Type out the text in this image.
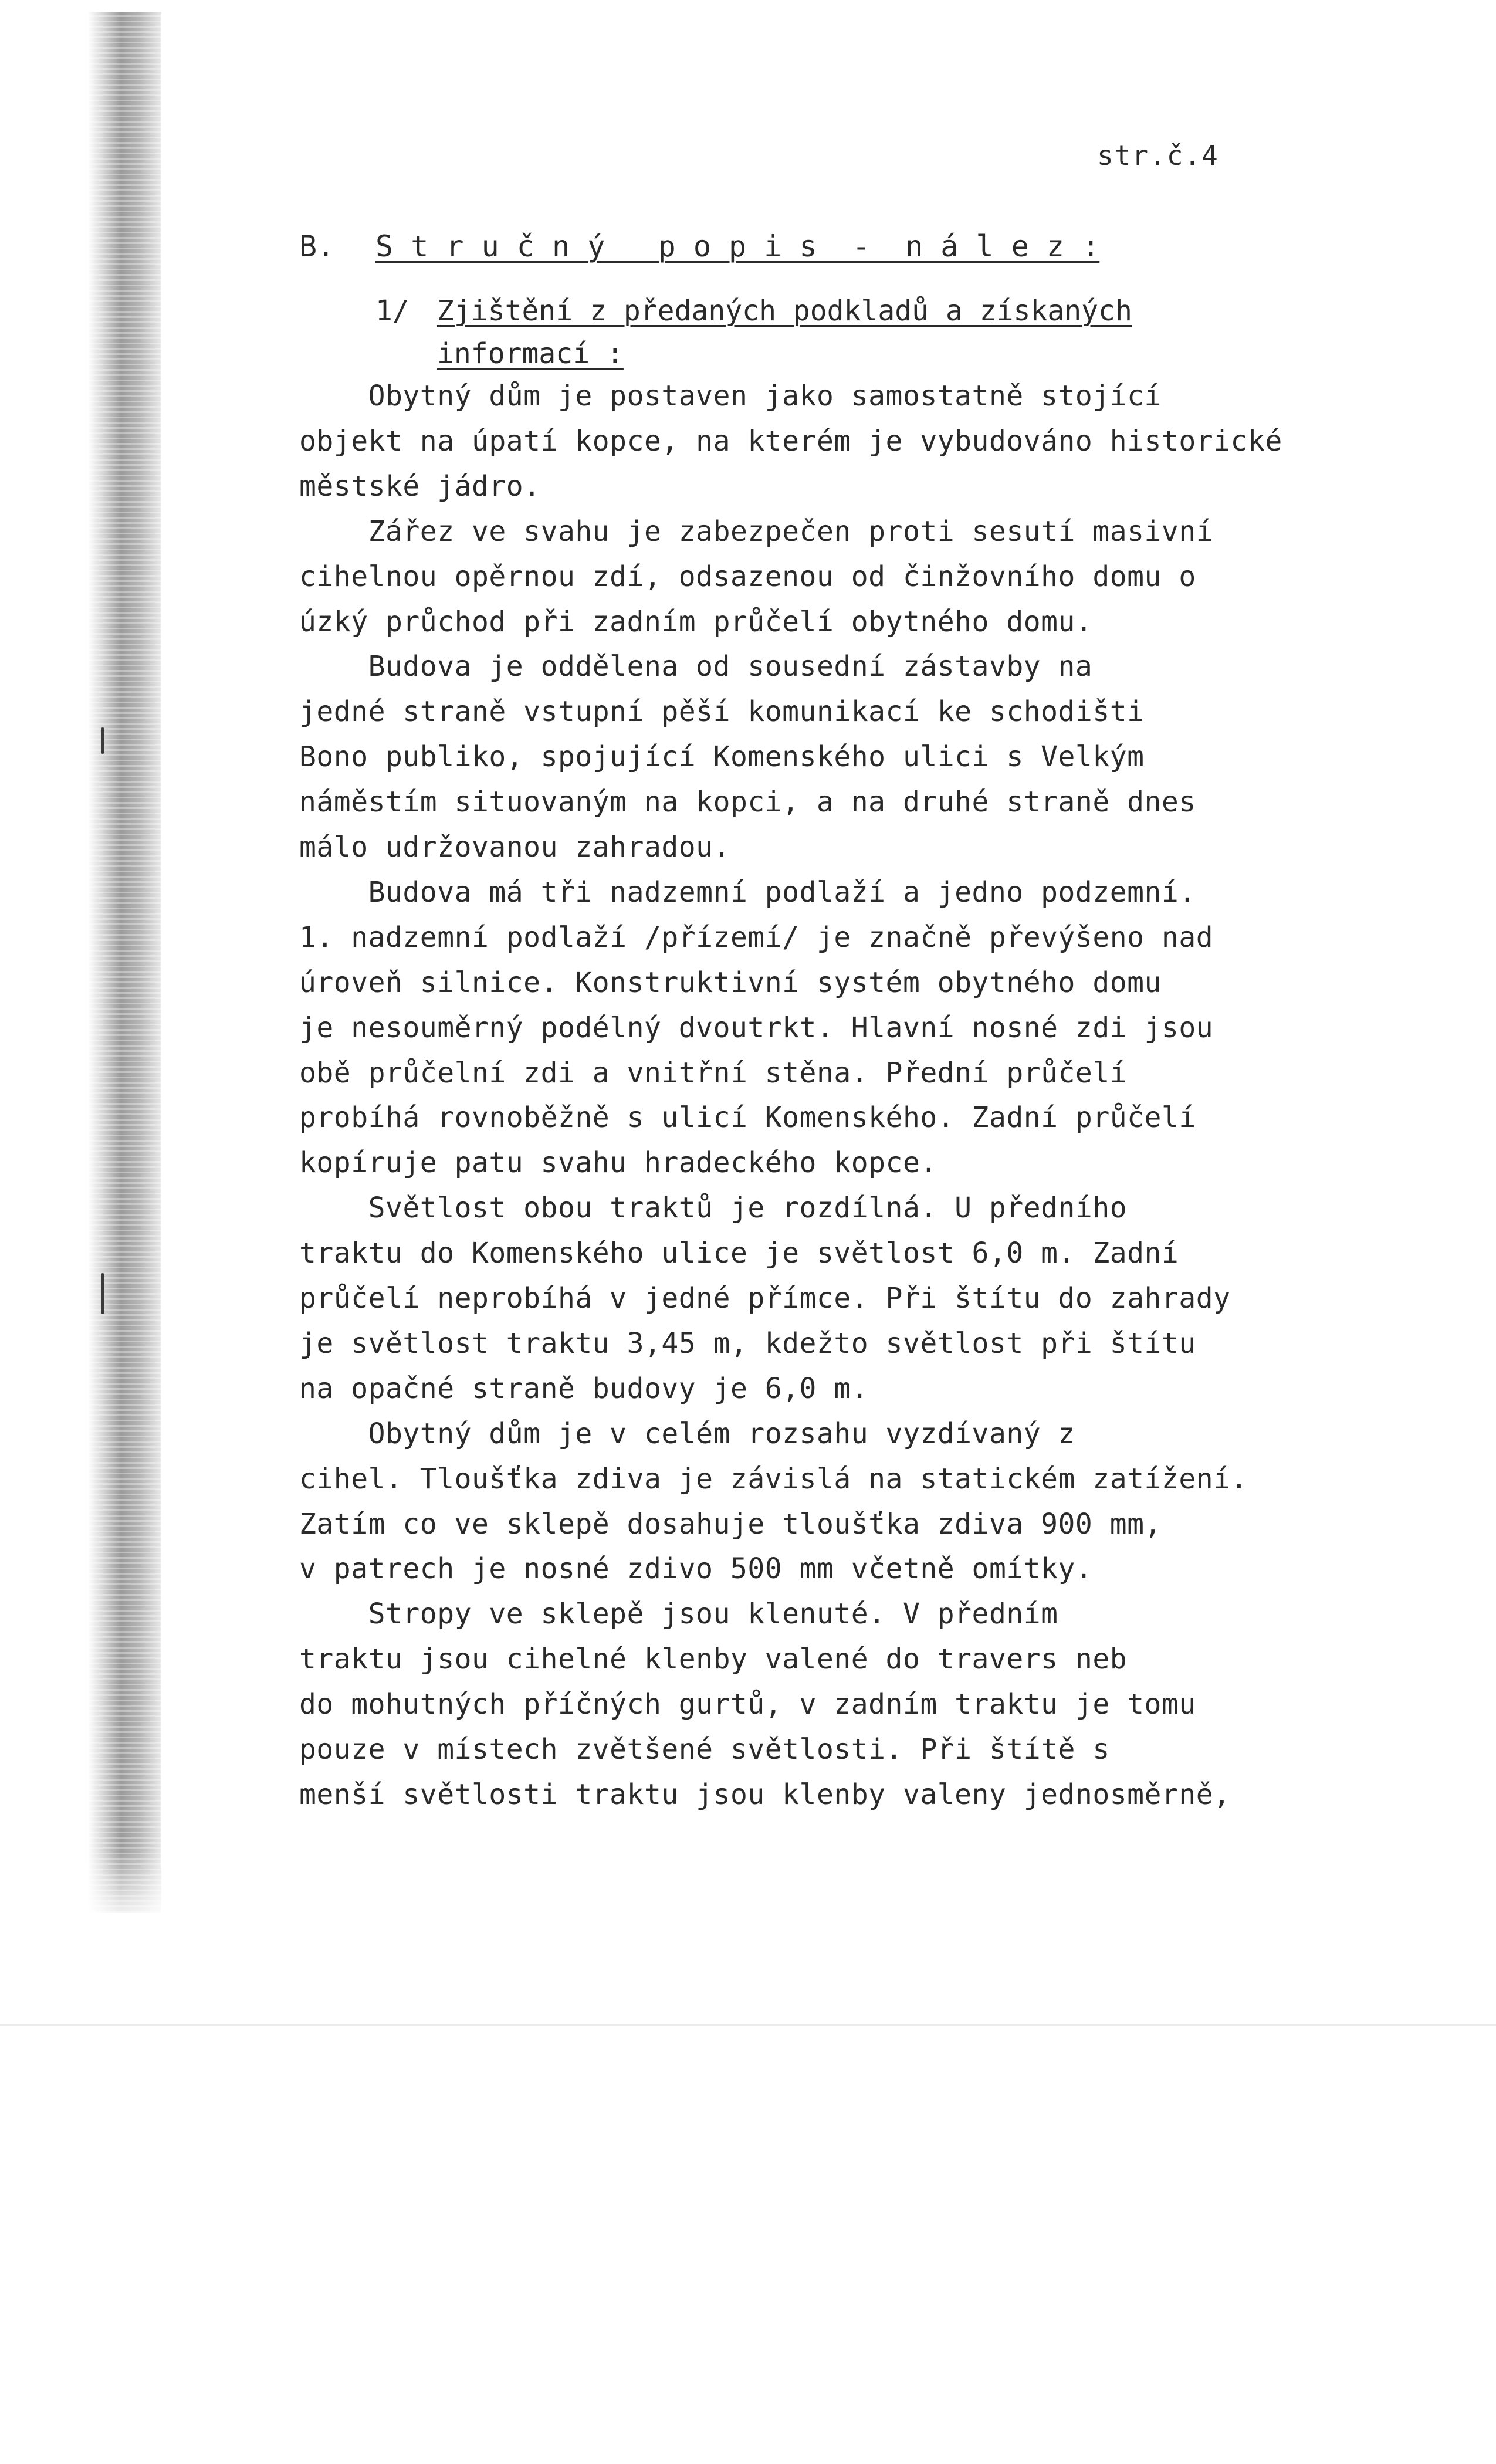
str.č.4
B. S t r u č n ý   p o p i s  -  n á l e z :
1/ Zjištění z předaných podkladů a získaných
informací :
Obytný dům je postaven jako samostatně stojící
objekt na úpatí kopce, na kterém je vybudováno historické
městské jádro.
Zářez ve svahu je zabezpečen proti sesutí masivní
cihelnou opěrnou zdí, odsazenou od činžovního domu o
úzký průchod při zadním průčelí obytného domu.
Budova je oddělena od sousední zástavby na
jedné straně vstupní pěší komunikací ke schodišti
Bono publiko, spojující Komenského ulici s Velkým
náměstím situovaným na kopci, a na druhé straně dnes
málo udržovanou zahradou.
Budova má tři nadzemní podlaží a jedno podzemní.
1. nadzemní podlaží /přízemí/ je značně převýšeno nad
úroveň silnice. Konstruktivní systém obytného domu
je nesouměrný podélný dvoutrkt. Hlavní nosné zdi jsou
obě průčelní zdi a vnitřní stěna. Přední průčelí
probíhá rovnoběžně s ulicí Komenského. Zadní průčelí
kopíruje patu svahu hradeckého kopce.
Světlost obou traktů je rozdílná. U předního
traktu do Komenského ulice je světlost 6,0 m. Zadní
průčelí neprobíhá v jedné přímce. Při štítu do zahrady
je světlost traktu 3,45 m, kdežto světlost při štítu
na opačné straně budovy je 6,0 m.
Obytný dům je v celém rozsahu vyzdívaný z
cihel. Tloušťka zdiva je závislá na statickém zatížení.
Zatím co ve sklepě dosahuje tloušťka zdiva 900 mm,
v patrech je nosné zdivo 500 mm včetně omítky.
Stropy ve sklepě jsou klenuté. V předním
traktu jsou cihelné klenby valené do travers neb
do mohutných příčných gurtů, v zadním traktu je tomu
pouze v místech zvětšené světlosti. Při štítě s
menší světlosti traktu jsou klenby valeny jednosměrně,
